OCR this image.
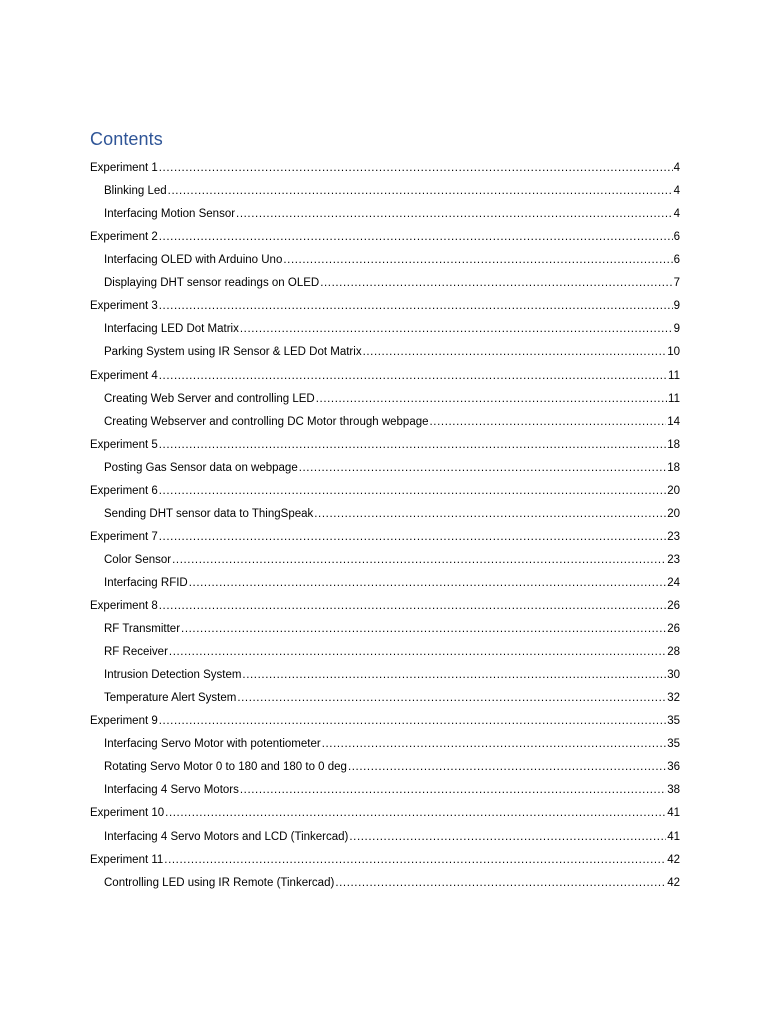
Contents
Experiment 1 .....	4
Blinking Led .....	4
Interfacing Motion Sensor .....	4
Experiment 2 .....	6
Interfacing OLED with Arduino Uno .....	6
Displaying DHT sensor readings on OLED .....	7
Experiment 3 .....	9
Interfacing LED Dot Matrix .....	9
Parking System using IR Sensor & LED Dot Matrix .....	10
Experiment 4 .....	11
Creating Web Server and controlling LED .....	11
Creating Webserver and controlling DC Motor through webpage .....	14
Experiment 5 .....	18
Posting Gas Sensor data on webpage .....	18
Experiment 6 .....	20
Sending DHT sensor data to ThingSpeak .....	20
Experiment 7 .....	23
Color Sensor .....	23
Interfacing RFID .....	24
Experiment 8 .....	26
RF Transmitter .....	26
RF Receiver .....	28
Intrusion Detection System .....	30
Temperature Alert System .....	32
Experiment 9 .....	35
Interfacing Servo Motor with potentiometer .....	35
Rotating Servo Motor 0 to 180 and 180 to 0 deg .....	36
Interfacing 4 Servo Motors .....	38
Experiment 10 .....	41
Interfacing 4 Servo Motors and LCD (Tinkercad) .....	41
Experiment 11 .....	42
Controlling LED using IR Remote (Tinkercad) .....	42
